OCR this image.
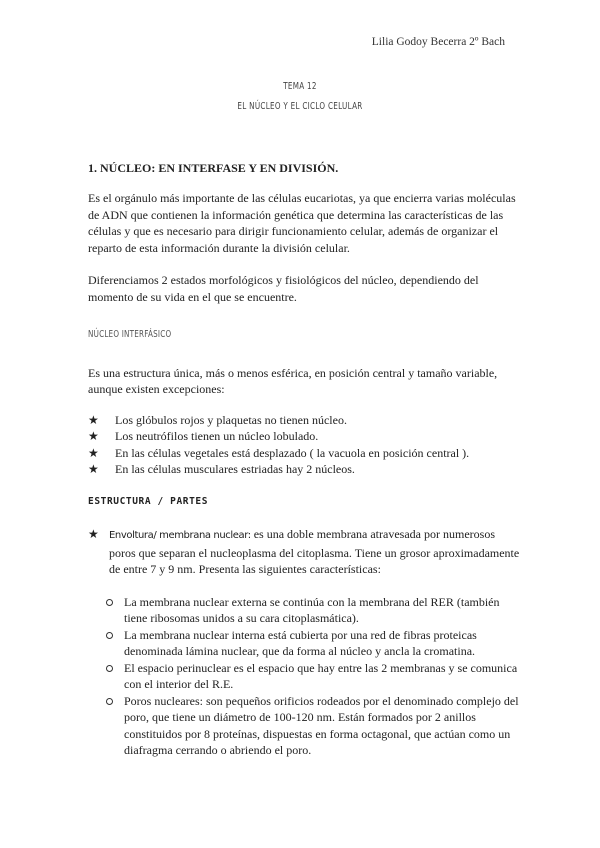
Lilia Godoy Becerra 2º Bach
TEMA 12
EL NÚCLEO Y EL CICLO CELULAR
1. NÚCLEO: EN INTERFASE Y EN DIVISIÓN.

Es el orgánulo más importante de las células eucariotas, ya que encierra varias moléculas de ADN que contienen la información genética que determina las características de las células y que es necesario para dirigir funcionamiento celular, además de organizar el reparto de esta información durante la división celular.

Diferenciamos 2 estados morfológicos y fisiológicos del núcleo, dependiendo del momento de su vida en el que se encuentre.

NÚCLEO INTERFÁSICO

Es una estructura única, más o menos esférica, en posición central y tamaño variable, aunque existen excepciones:

★ Los glóbulos rojos y plaquetas no tienen núcleo.
★ Los neutrófilos tienen un núcleo lobulado.
★ En las células vegetales está desplazado ( la vacuola en posición central ).
★ En las células musculares estriadas hay 2 núcleos.
ESTRUCTURA / PARTES
★ Envoltura/ membrana nuclear: es una doble membrana atravesada por numerosos poros que separan el nucleoplasma del citoplasma. Tiene un grosor aproximadamente de entre 7 y 9 nm. Presenta las siguientes características:
La membrana nuclear externa se continúa con la membrana del RER (también tiene ribosomas unidos a su cara citoplasmática).
La membrana nuclear interna está cubierta por una red de fibras proteicas denominada lámina nuclear, que da forma al núcleo y ancla la cromatina.
El espacio perinuclear es el espacio que hay entre las 2 membranas y se comunica con el interior del R.E.
Poros nucleares: son pequeños orificios rodeados por el denominado complejo del poro, que tiene un diámetro de 100-120 nm. Están formados por 2 anillos constituidos por 8 proteínas, dispuestas en forma octagonal, que actúan como un diafragma cerrando o abriendo el poro.
